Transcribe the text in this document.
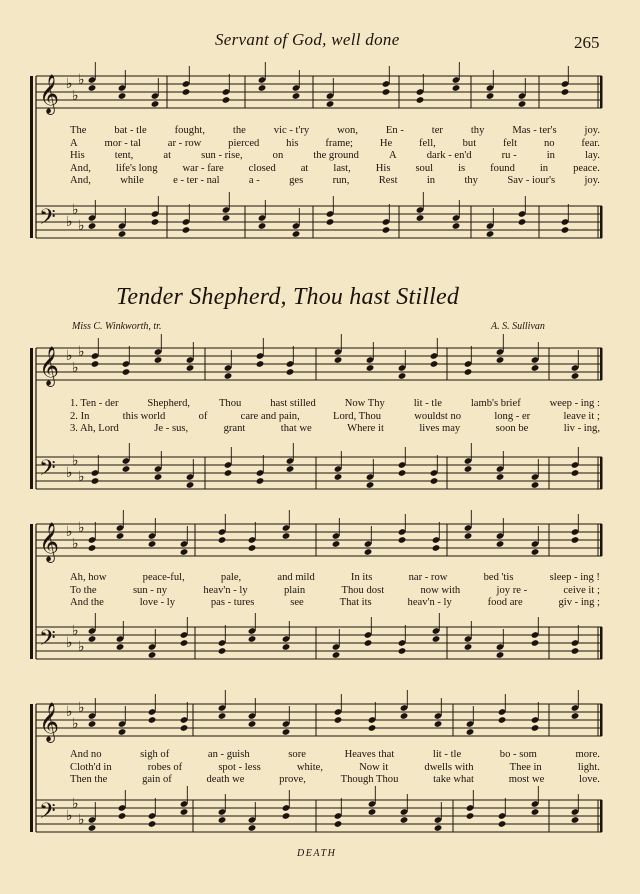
𝄞 ♭
♭
♭
𝄢 ♭
♭
♭
𝄞 ♭
♭
♭
𝄢 ♭
♭
♭
𝄞 ♭
♭
♭
𝄢 ♭
♭
♭
𝄞 ♭
♭
♭
𝄢 ♭
♭
♭
Servant of God, well done	265
The	bat - tle	fought,	the	vic - t'ry	won,	En -	ter	thy	Mas - ter's	joy.
A	mor - tal	ar - row	pierced	his	frame;	He	fell,	but	felt	no	fear.
His	tent,	at	sun - rise,	on	the ground	A	dark - en'd	ru -	in	lay.
And, life's long war - fare closed at last, His soul is found in peace.
And,	while	e - ter - nal	a -	ges	run,	Rest	in	thy	Sav - iour's	joy.
Tender Shepherd, Thou hast Stilled
Miss C. Winkworth, tr.	A. S. Sullivan
1. Ten - der	Shepherd,	Thou	hast stilled	Now Thy	lit - tle	lamb's brief	weep - ing :
2. In	this world	of	care and pain,	Lord, Thou	wouldst no	long - er	leave it ;
3. Ah, Lord	Je - sus,	grant	that we	Where it	lives may	soon be	liv - ing,
Ah, how	peace-ful,	pale,	and mild	In its	nar - row	bed 'tis	sleep - ing !
To the	sun - ny	heav'n - ly	plain	Thou dost	now with	joy re -	ceive it ;
And the	love - ly	pas - tures	see	That its	heav'n - ly	food are	giv - ing ;
And no	sigh of	an - guish	sore	Heaves that	lit - tle	bo - som	more.
Cloth'd in	robes of	spot - less	white,	Now it	dwells with	Thee in	light.
Then the	gain of	death we	prove,	Though Thou	take what	most we	love.
DEATH
